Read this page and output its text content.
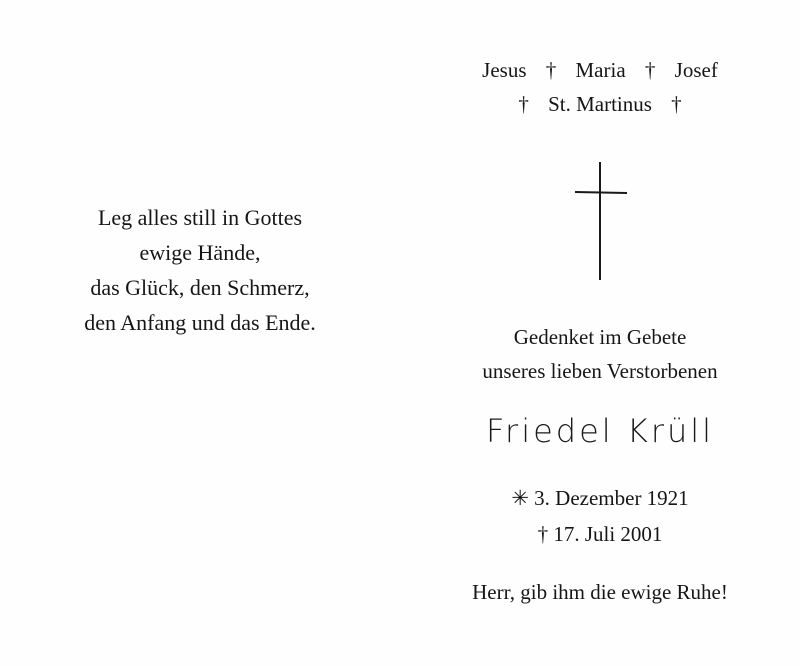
Jesus † Maria † Josef
† St. Martinus †
Leg alles still in Gottes
ewige Hände,
das Glück, den Schmerz,
den Anfang und das Ende.
Gedenket im Gebete
unseres lieben Verstorbenen
Friedel Krüll
✳ 3. Dezember 1921
† 17. Juli 2001
Herr, gib ihm die ewige Ruhe!
